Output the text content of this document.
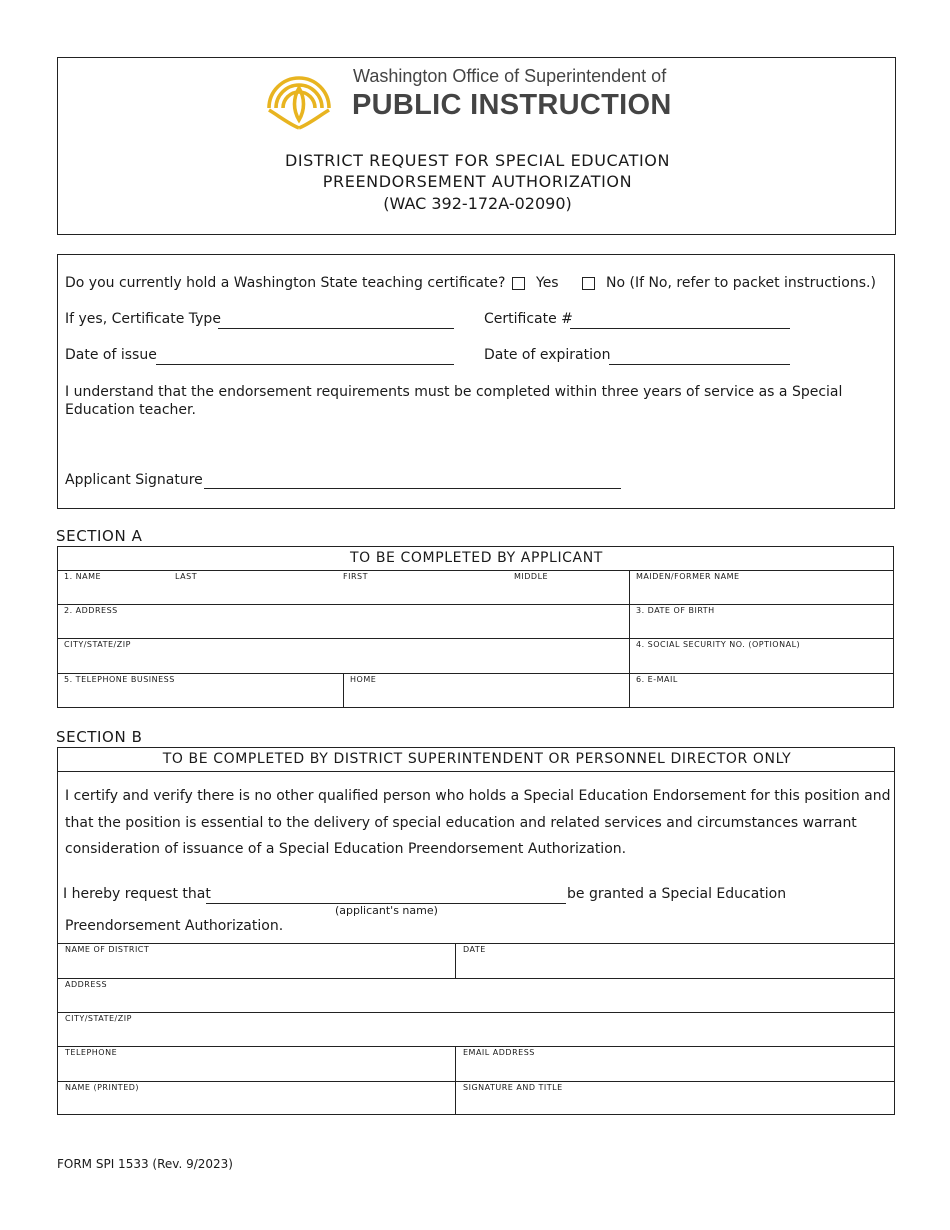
Washington Office of Superintendent of
PUBLIC INSTRUCTION
DISTRICT REQUEST FOR SPECIAL EDUCATION
PREENDORSEMENT AUTHORIZATION
(WAC 392-172A-02090)
Do you currently hold a Washington State teaching certificate? Yes	No (If No, refer to packet instructions.)
If yes, Certificate Type	Certificate #
Date of issue	Date of expiration
I understand that the endorsement requirements must be completed within three years of service as a Special
Education teacher.
Applicant Signature
SECTION A
TO BE COMPLETED BY APPLICANT
1. NAME	LAST	FIRST	MIDDLE	MAIDEN/FORMER NAME
2. ADDRESS	3. DATE OF BIRTH
CITY/STATE/ZIP	4. SOCIAL SECURITY NO. (OPTIONAL)
5. TELEPHONE BUSINESS	HOME	6. E-MAIL
SECTION B
TO BE COMPLETED BY DISTRICT SUPERINTENDENT OR PERSONNEL DIRECTOR ONLY
I certify and verify there is no other qualified person who holds a Special Education Endorsement for this position and
that the position is essential to the delivery of special education and related services and circumstances warrant
consideration of issuance of a Special Education Preendorsement Authorization.
I hereby request that	be granted a Special Education
(applicant's name)
Preendorsement Authorization.
NAME OF DISTRICT	DATE
ADDRESS
CITY/STATE/ZIP
TELEPHONE	EMAIL ADDRESS
NAME (PRINTED)	SIGNATURE AND TITLE
FORM SPI 1533 (Rev. 9/2023)
